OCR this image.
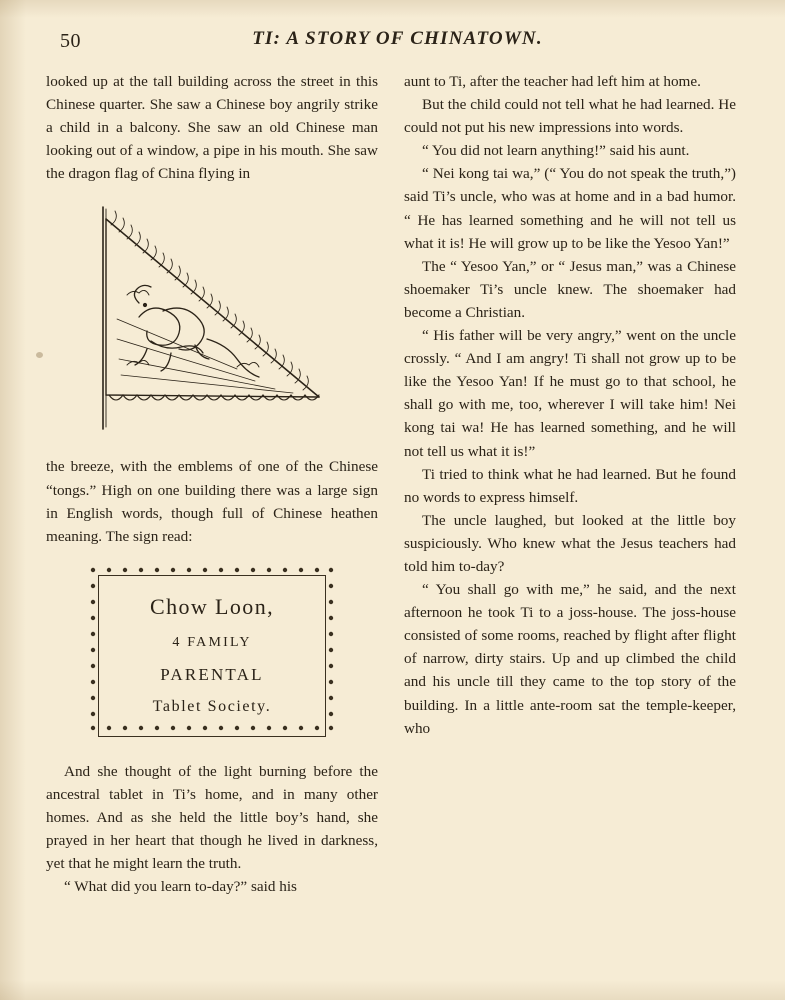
50	TI: A STORY OF CHINATOWN.

looked up at the tall building across the street in this Chinese quarter. She saw a Chinese boy angrily strike a child in a balcony. She saw an old Chinese man looking out of a window, a pipe in his mouth. She saw the dragon flag of China flying in

the breeze, with the emblems of one of the Chinese “tongs.” High on one building there was a large sign in English words, though full of Chinese heathen meaning. The sign read:

Chow Loon,
4 FAMILY
PARENTAL
Tablet Society.

And she thought of the light burning before the ancestral tablet in Ti’s home, and in many other homes. And as she held the little boy’s hand, she prayed in her heart that though he lived in darkness, yet that he might learn the truth.

“ What did you learn to-day?” said his

aunt to Ti, after the teacher had left him at home.

But the child could not tell what he had learned. He could not put his new impressions into words.

“ You did not learn anything!” said his aunt.

“ Nei kong tai wa,” (“ You do not speak the truth,”) said Ti’s uncle, who was at home and in a bad humor. “ He has learned something and he will not tell us what it is! He will grow up to be like the Yesoo Yan!”

The “ Yesoo Yan,” or “ Jesus man,” was a Chinese shoemaker Ti’s uncle knew. The shoemaker had become a Christian.

“ His father will be very angry,” went on the uncle crossly. “ And I am angry! Ti shall not grow up to be like the Yesoo Yan! If he must go to that school, he shall go with me, too, wherever I will take him! Nei kong tai wa! He has learned something, and he will not tell us what it is!”

Ti tried to think what he had learned. But he found no words to express himself.

The uncle laughed, but looked at the little boy suspiciously. Who knew what the Jesus teachers had told him to-day?

“ You shall go with me,” he said, and the next afternoon he took Ti to a joss-house. The joss-house consisted of some rooms, reached by flight after flight of narrow, dirty stairs. Up and up climbed the child and his uncle till they came to the top story of the building. In a little ante-room sat the temple-keeper, who
